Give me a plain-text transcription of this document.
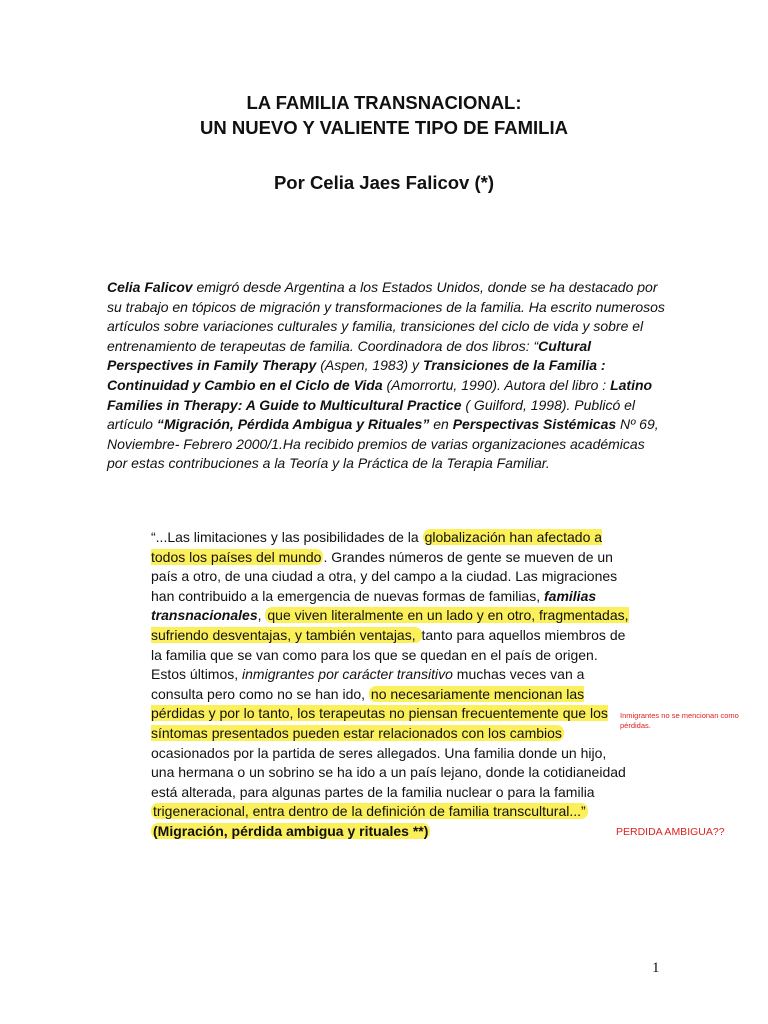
LA FAMILIA TRANSNACIONAL:

UN NUEVO Y VALIENTE TIPO DE FAMILIA

Por Celia Jaes Falicov (*)
Celia Falicov emigró desde Argentina a los Estados Unidos, donde se ha destacado por su trabajo en tópicos de migración y transformaciones de la familia. Ha escrito numerosos artículos sobre variaciones culturales y familia, transiciones del ciclo de vida y sobre el entrenamiento de terapeutas de familia. Coordinadora de dos libros: “Cultural Perspectives in Family Therapy (Aspen, 1983) y Transiciones de la Familia : Continuidad y Cambio en el Ciclo de Vida (Amorrortu, 1990). Autora del libro : Latino Families in Therapy: A Guide to Multicultural Practice ( Guilford, 1998). Publicó el artículo “Migración, Pérdida Ambigua y Rituales” en Perspectivas Sistémicas Nº 69, Noviembre- Febrero 2000/1.Ha recibido premios de varias organizaciones académicas por estas contribuciones a la Teoría y la Práctica de la Terapia Familiar.
“...Las limitaciones y las posibilidades de la globalización han afectado a todos los países del mundo . Grandes números de gente se mueven de un país a otro, de una ciudad a otra, y del campo a la ciudad. Las migraciones han contribuido a la emergencia de nuevas formas de familias, familias transnacionales, que viven literalmente en un lado y en otro, fragmentadas, sufriendo desventajas, y también ventajas, tanto para aquellos miembros de la familia que se van como para los que se quedan en el país de origen. Estos últimos, inmigrantes por carácter transitivo muchas veces van a consulta pero como no se han ido, no necesariamente mencionan las pérdidas y por lo tanto, los terapeutas no piensan frecuentemente que los síntomas presentados pueden estar relacionados con los cambios ocasionados por la partida de seres allegados. Una familia donde un hijo, una hermana o un sobrino se ha ido a un país lejano, donde la cotidianeidad está alterada, para algunas partes de la familia nuclear o para la familia trigeneracional, entra dentro de la definición de familia transcultural...” (Migración, pérdida ambigua y rituales **)
Inmigrantes no se mencionan como pérdidas.
PERDIDA AMBIGUA??
1
